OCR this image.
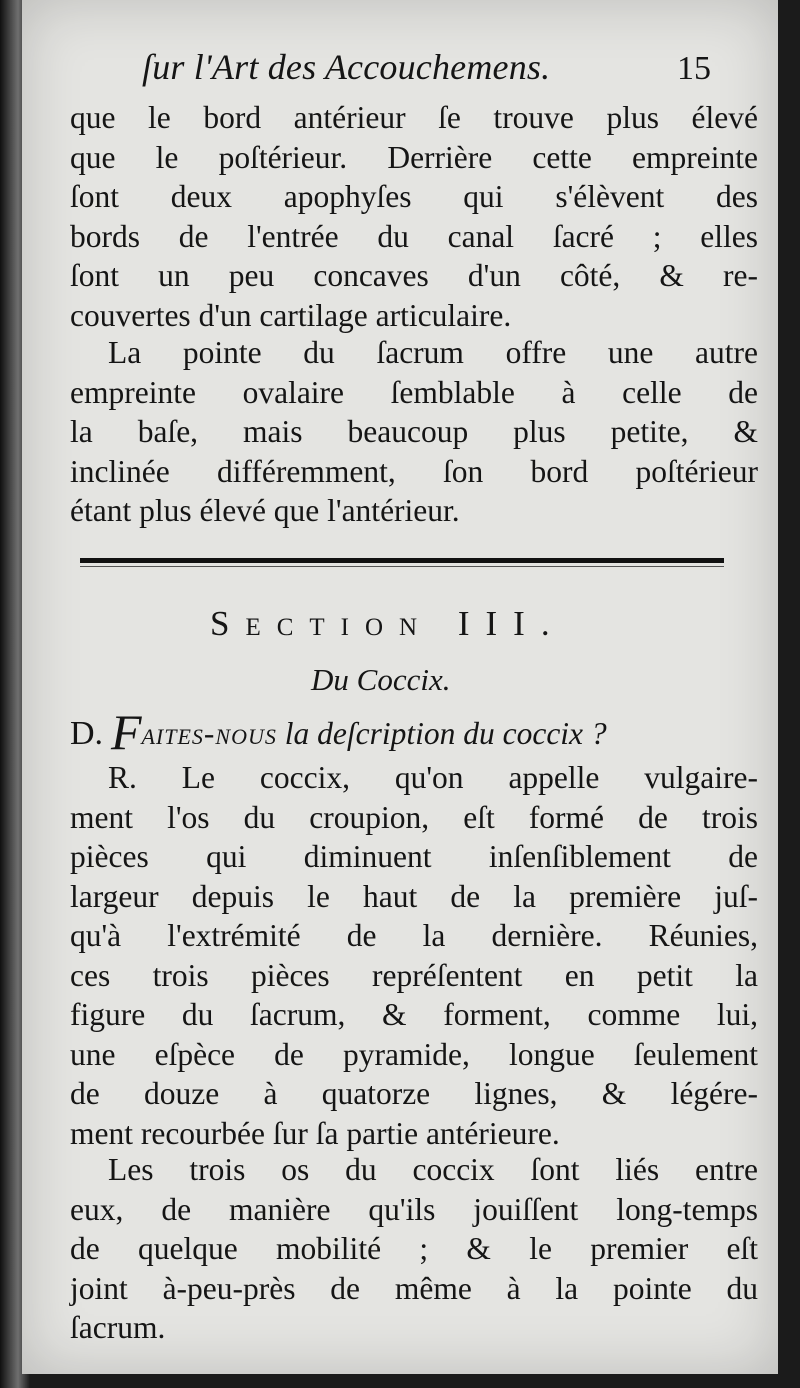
ſur l'Art des Accouchemens.	15
que le bord antérieur ſe trouve plus élevé
que le poſtérieur. Derrière cette empreinte
ſont deux apophyſes qui s'élèvent des
bords de l'entrée du canal ſacré ; elles
ſont un peu concaves d'un côté, & re-
couvertes d'un cartilage articulaire.
La pointe du ſacrum offre une autre
empreinte ovalaire ſemblable à celle de
la baſe, mais beaucoup plus petite, &
inclinée différemment, ſon bord poſtérieur
étant plus élevé que l'antérieur.
Section III.
Du Coccix.
D. Faites-nous la deſcription du coccix ?
R. Le coccix, qu'on appelle vulgaire-
ment l'os du croupion, eſt formé de trois
pièces qui diminuent inſenſiblement de
largeur depuis le haut de la première juſ-
qu'à l'extrémité de la dernière. Réunies,
ces trois pièces repréſentent en petit la
figure du ſacrum, & forment, comme lui,
une eſpèce de pyramide, longue ſeulement
de douze à quatorze lignes, & légére-
ment recourbée ſur ſa partie antérieure.
Les trois os du coccix ſont liés entre
eux, de manière qu'ils jouiſſent long-temps
de quelque mobilité ; & le premier eſt
joint à-peu-près de même à la pointe du
ſacrum.
